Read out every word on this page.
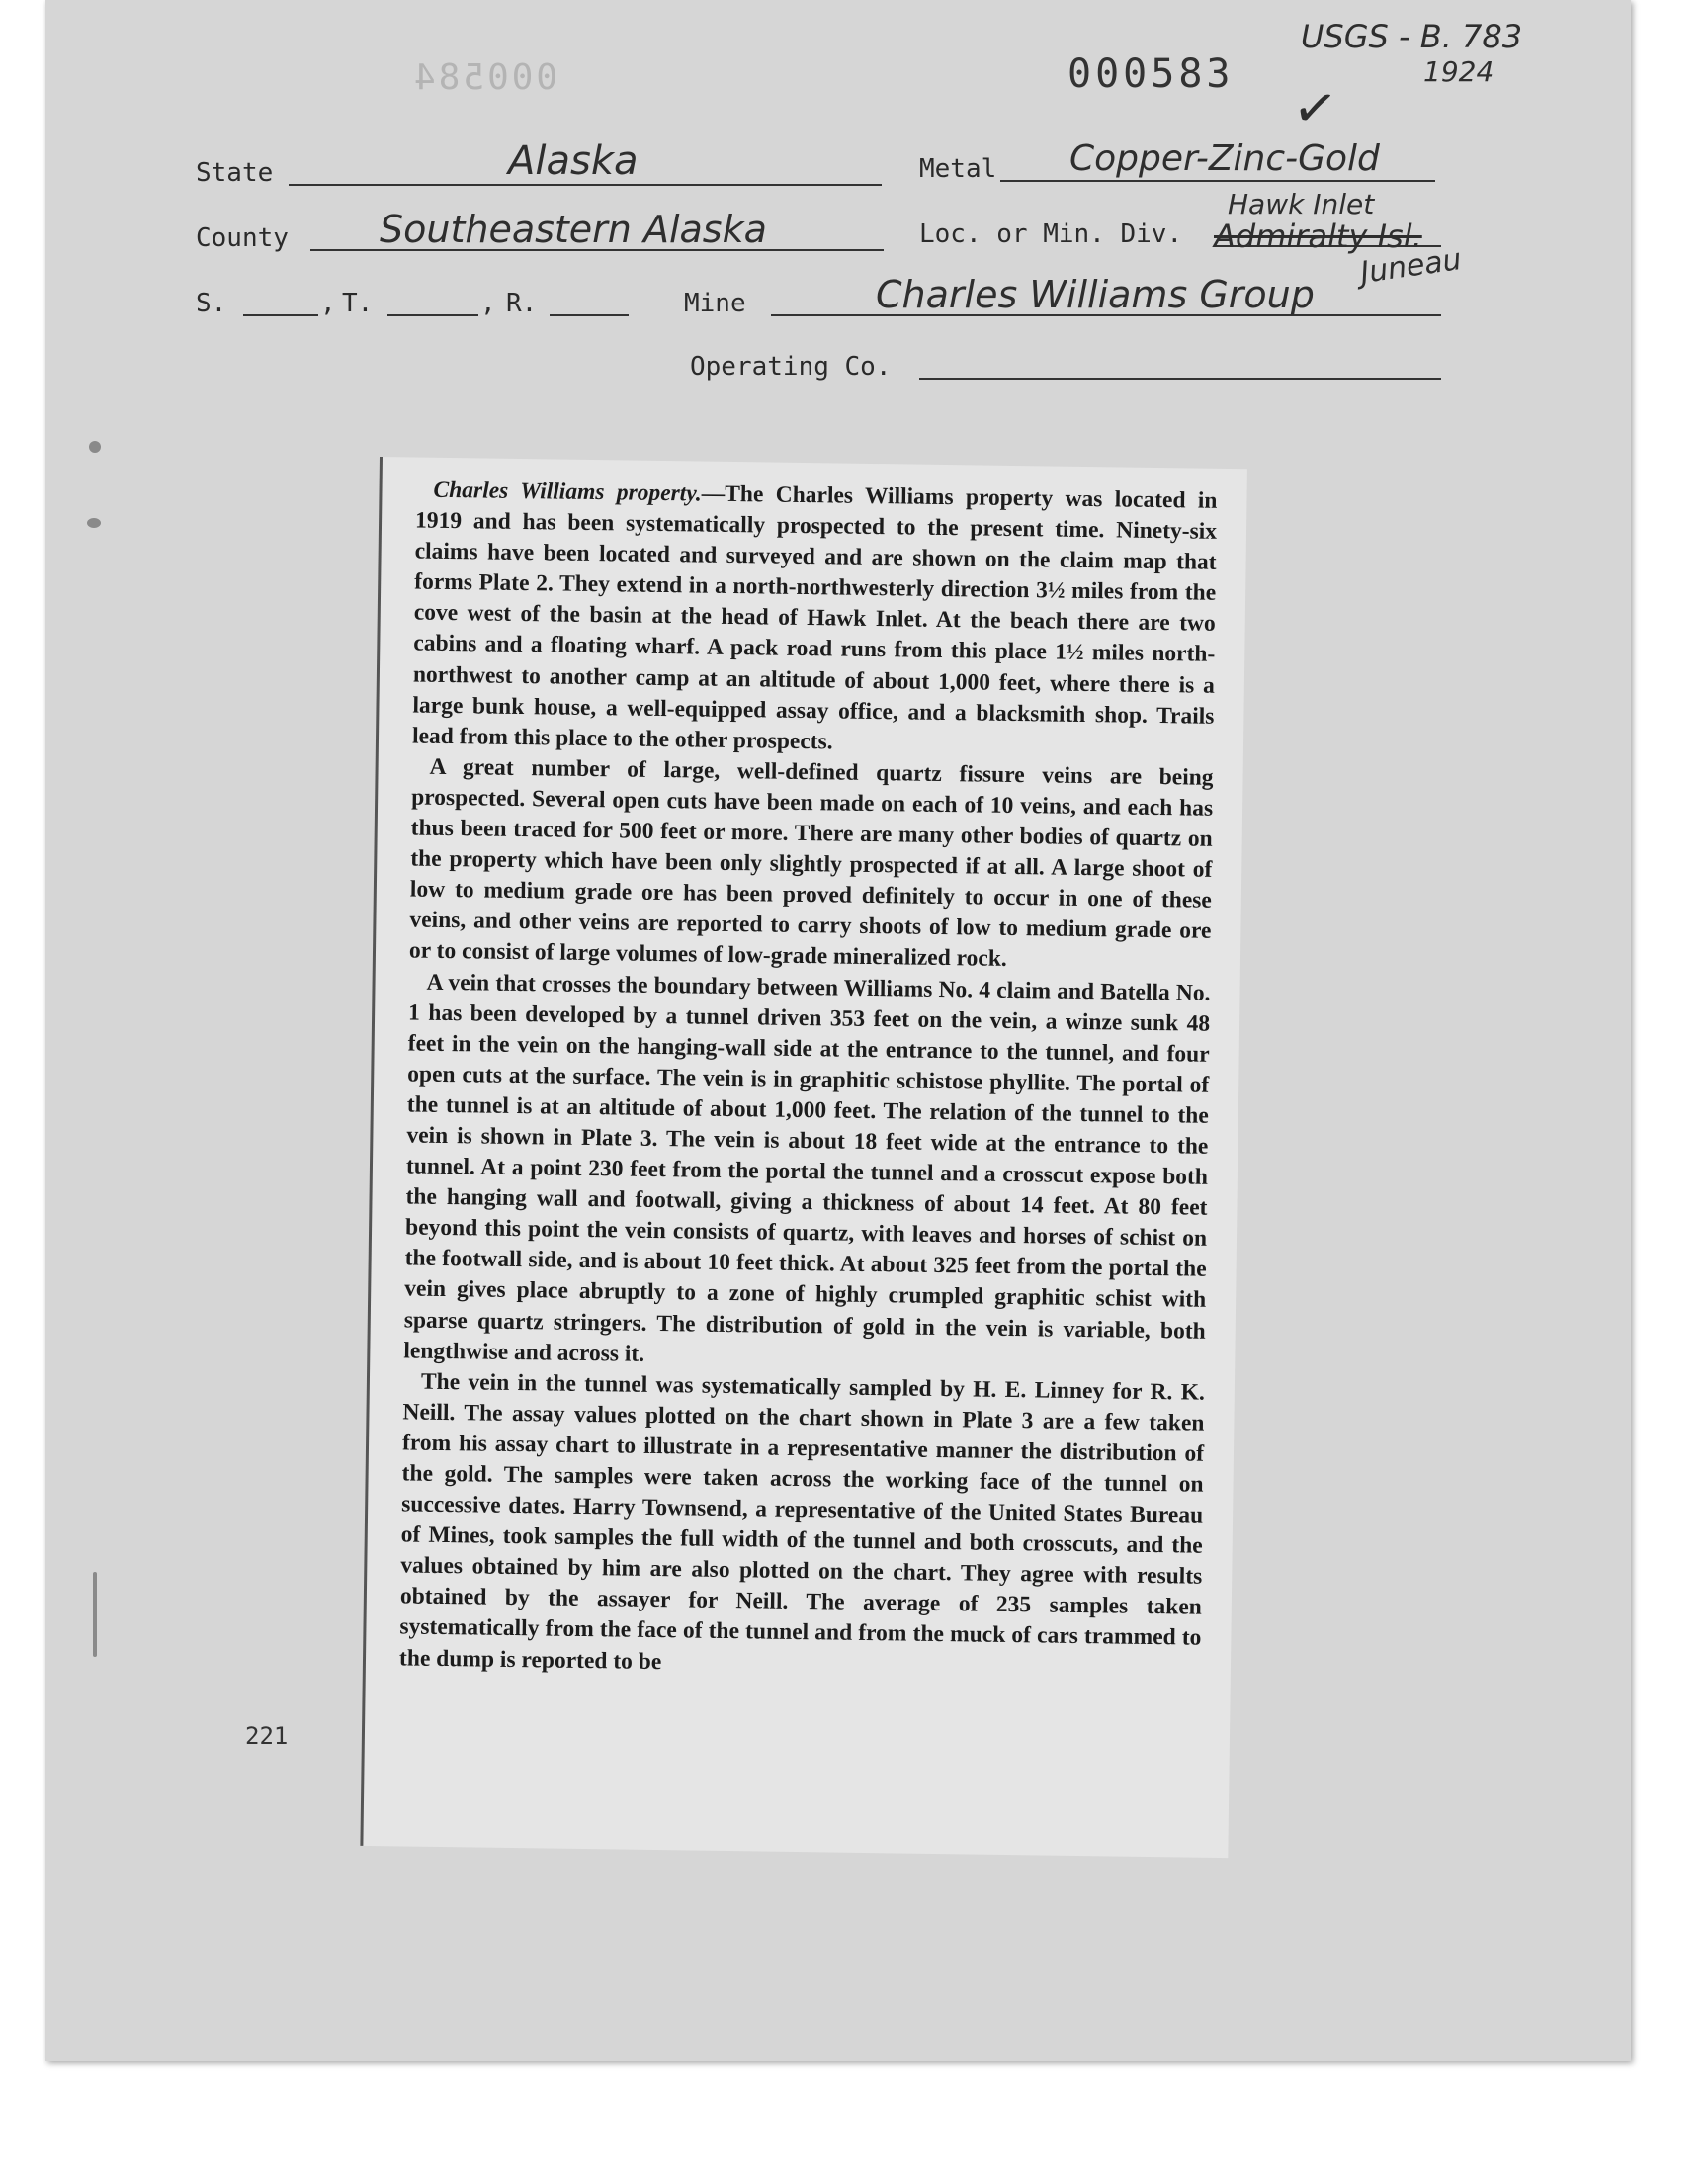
000584	000583
USGS - B. 783
1924
✓
State	Alaska	Metal Copper-Zinc-Gold
County Southeastern Alaska	Loc. or Min. Div.
Hawk Inlet
Admiralty Isl.
Juneau
S.	, T.	, R.	Mine	Charles Williams Group
Operating Co.
221

Charles Williams property.—The Charles Williams property was located in 1919 and has been systematically prospected to the present time. Ninety-six claims have been located and surveyed and are shown on the claim map that forms Plate 2. They extend in a north-northwesterly direction 3½ miles from the cove west of the basin at the head of Hawk Inlet. At the beach there are two cabins and a floating wharf. A pack road runs from this place 1½ miles north-northwest to another camp at an altitude of about 1,000 feet, where there is a large bunk house, a well-equipped assay office, and a blacksmith shop. Trails lead from this place to the other prospects.

A great number of large, well-defined quartz fissure veins are being prospected. Several open cuts have been made on each of 10 veins, and each has thus been traced for 500 feet or more. There are many other bodies of quartz on the property which have been only slightly prospected if at all. A large shoot of low to medium grade ore has been proved definitely to occur in one of these veins, and other veins are reported to carry shoots of low to medium grade ore or to consist of large volumes of low-grade mineralized rock.

A vein that crosses the boundary between Williams No. 4 claim and Batella No. 1 has been developed by a tunnel driven 353 feet on the vein, a winze sunk 48 feet in the vein on the hanging-wall side at the entrance to the tunnel, and four open cuts at the surface. The vein is in graphitic schistose phyllite. The portal of the tunnel is at an altitude of about 1,000 feet. The relation of the tunnel to the vein is shown in Plate 3. The vein is about 18 feet wide at the entrance to the tunnel. At a point 230 feet from the portal the tunnel and a crosscut expose both the hanging wall and footwall, giving a thickness of about 14 feet. At 80 feet beyond this point the vein consists of quartz, with leaves and horses of schist on the footwall side, and is about 10 feet thick. At about 325 feet from the portal the vein gives place abruptly to a zone of highly crumpled graphitic schist with sparse quartz stringers. The distribution of gold in the vein is variable, both lengthwise and across it.

The vein in the tunnel was systematically sampled by H. E. Linney for R. K. Neill. The assay values plotted on the chart shown in Plate 3 are a few taken from his assay chart to illustrate in a representative manner the distribution of the gold. The samples were taken across the working face of the tunnel on successive dates. Harry Townsend, a representative of the United States Bureau of Mines, took samples the full width of the tunnel and both crosscuts, and the values obtained by him are also plotted on the chart. They agree with results obtained by the assayer for Neill. The average of 235 samples taken systematically from the face of the tunnel and from the muck of cars trammed to the dump is reported to be
